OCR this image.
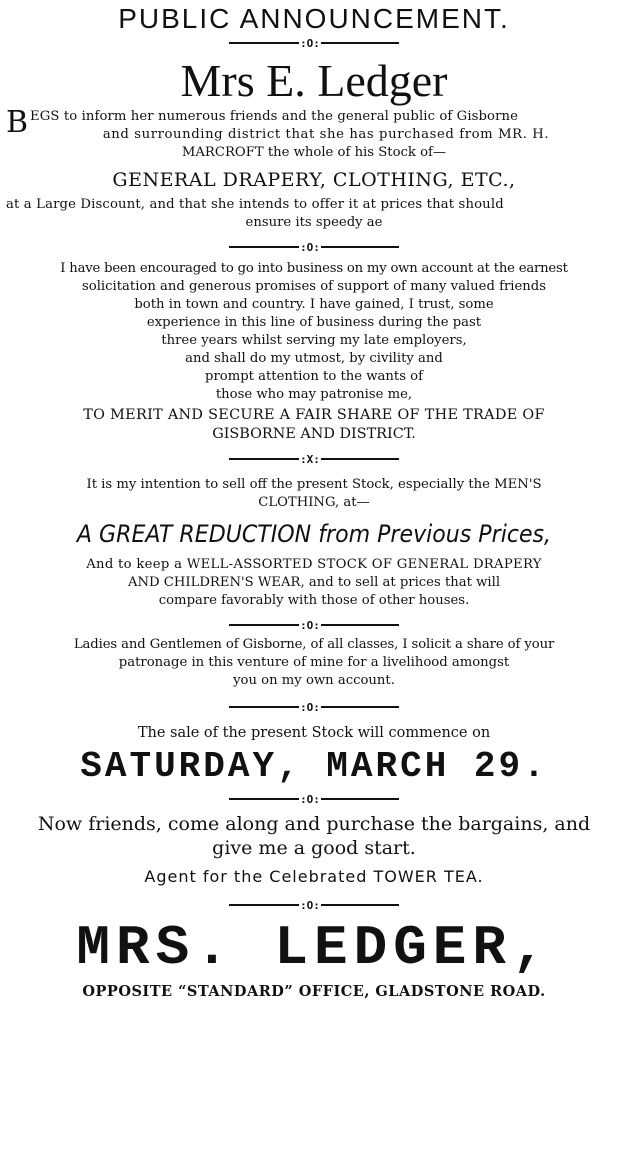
PUBLIC ANNOUNCEMENT.
:O:
Mrs E. Ledger
B EGS to inform her numerous friends and the general public of Gisborne
and surrounding district that she has purchased from MR. H.
MARCROFT the whole of his Stock of—
GENERAL DRAPERY, CLOTHING, ETC.,
at a Large Discount, and that she intends to offer it at prices that should
ensure its speedy ae
:O:
I have been encouraged to go into business on my own account at the earnest
solicitation and generous promises of support of many valued friends
both in town and country. I have gained, I trust, some
experience in this line of business during the past
three years whilst serving my late employers,
and shall do my utmost, by civility and
prompt attention to the wants of
those who may patronise me,
TO MERIT AND SECURE A FAIR SHARE OF THE TRADE OF
GISBORNE AND DISTRICT.
:X:
It is my intention to sell off the present Stock, especially the MEN'S
CLOTHING, at—
A GREAT REDUCTION from Previous Prices,
And to keep a WELL-ASSORTED STOCK OF GENERAL DRAPERY
AND CHILDREN'S WEAR, and to sell at prices that will
compare favorably with those of other houses.
:O:
Ladies and Gentlemen of Gisborne, of all classes, I solicit a share of your
patronage in this venture of mine for a livelihood amongst
you on my own account.
:O:
The sale of the present Stock will commence on
SATURDAY, MARCH 29.
:O:
Now friends, come along and purchase the bargains, and
give me a good start.
Agent for the Celebrated TOWER TEA.
:O:
MRS. LEDGER,
OPPOSITE “STANDARD” OFFICE, GLADSTONE ROAD.
